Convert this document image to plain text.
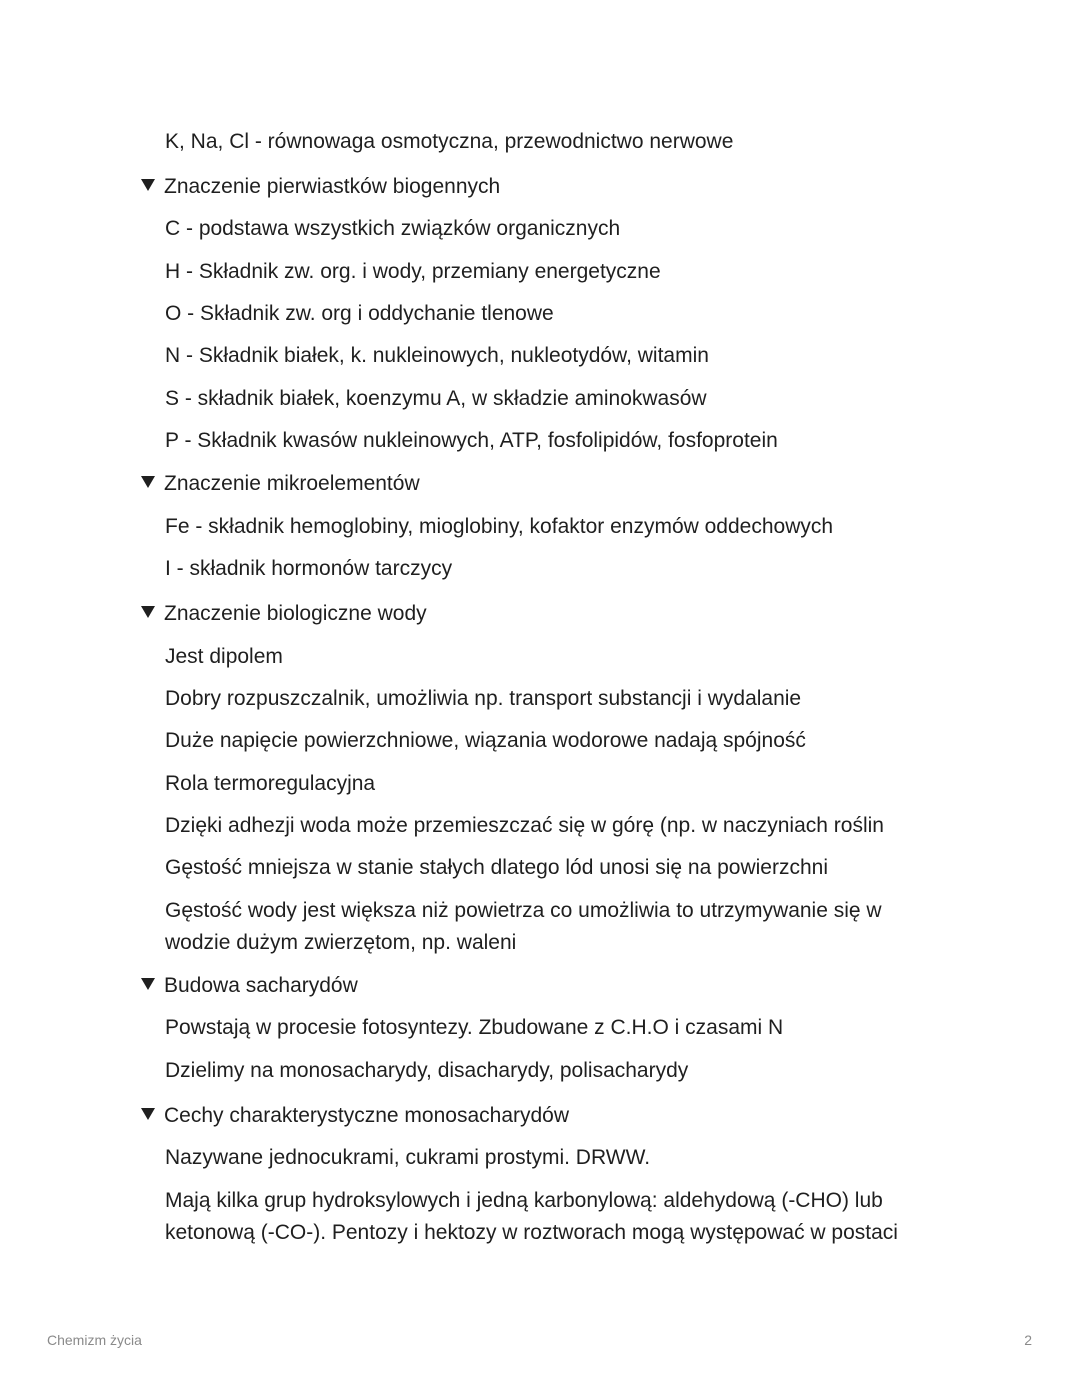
K, Na, Cl - równowaga osmotyczna, przewodnictwo nerwowe
Znaczenie pierwiastków biogennych
C - podstawa wszystkich związków organicznych
H - Składnik zw. org. i wody, przemiany energetyczne
O - Składnik zw. org i oddychanie tlenowe
N - Składnik białek, k. nukleinowych, nukleotydów, witamin
S - składnik białek, koenzymu A, w składzie aminokwasów
P - Składnik kwasów nukleinowych, ATP, fosfolipidów, fosfoprotein
Znaczenie mikroelementów
Fe - składnik hemoglobiny, mioglobiny, kofaktor enzymów oddechowych
I - składnik hormonów tarczycy
Znaczenie biologiczne wody
Jest dipolem
Dobry rozpuszczalnik, umożliwia np. transport substancji i wydalanie
Duże napięcie powierzchniowe, wiązania wodorowe nadają spójność
Rola termoregulacyjna
Dzięki adhezji woda może przemieszczać się w górę (np. w naczyniach roślin
Gęstość mniejsza w stanie stałych dlatego lód unosi się na powierzchni
Gęstość wody jest większa niż powietrza co umożliwia to utrzymywanie się w wodzie dużym zwierzętom, np. waleni
Budowa sacharydów
Powstają w procesie fotosyntezy. Zbudowane z C.H.O i czasami N
Dzielimy na monosacharydy, disacharydy, polisacharydy
Cechy charakterystyczne monosacharydów
Nazywane jednocukrami, cukrami prostymi. DRWW.
Mają kilka grup hydroksylowych i jedną karbonylową: aldehydową (-CHO) lub ketonową (-CO-). Pentozy i hektozy w roztworach mogą występować w postaci
Chemizm życia	2
